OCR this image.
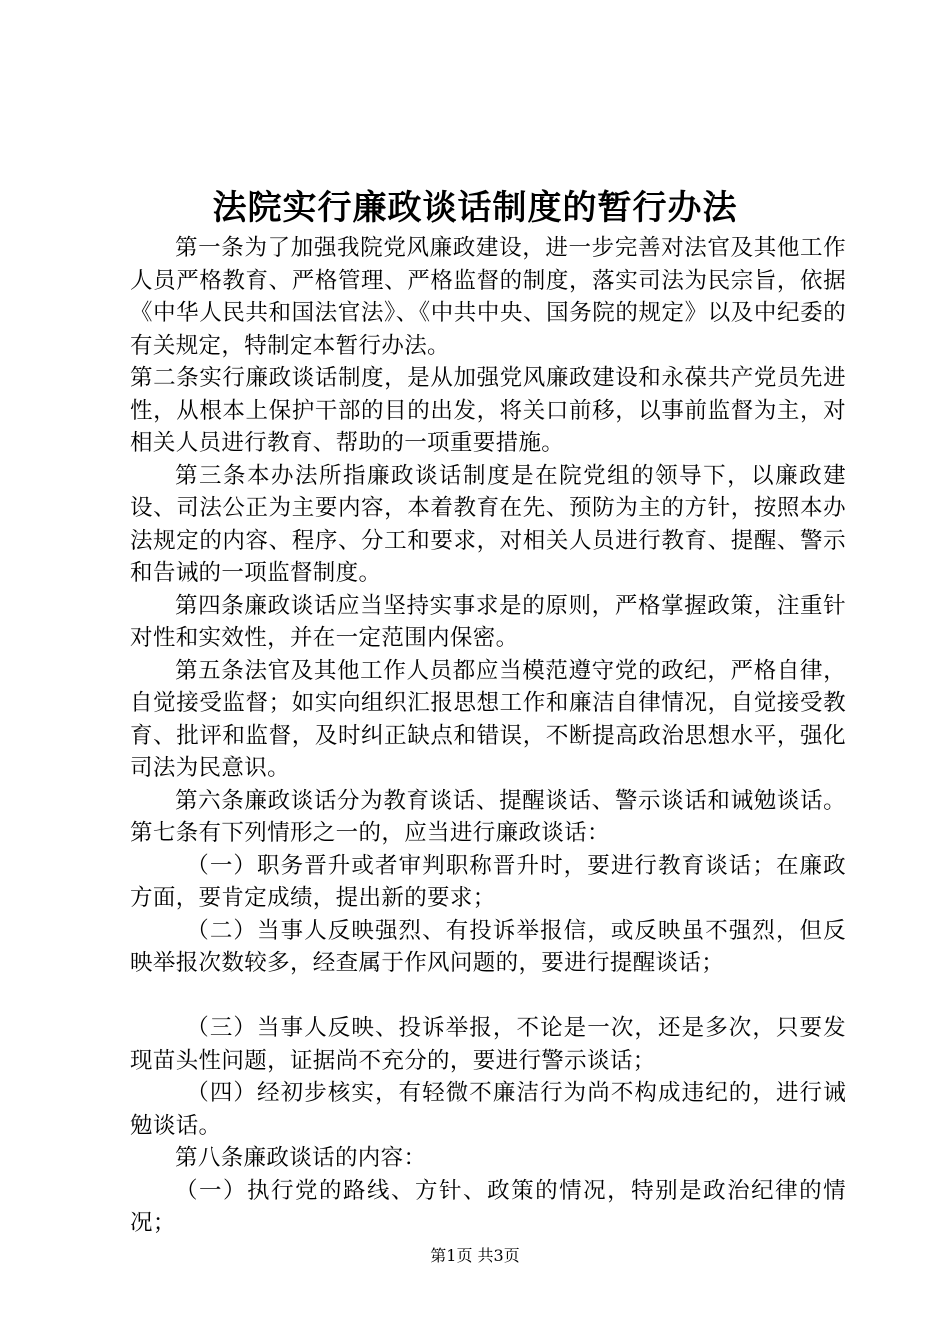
法院实行廉政谈话制度的暂行办法

第一条为了加强我院党风廉政建设，进一步完善对法官及其他工作人员严格教育、严格管理、严格监督的制度，落实司法为民宗旨，依据《中华人民共和国法官法》、《中共中央、国务院的规定》以及中纪委的有关规定，特制定本暂行办法。

第二条实行廉政谈话制度，是从加强党风廉政建设和永葆共产党员先进性，从根本上保护干部的目的出发，将关口前移，以事前监督为主，对相关人员进行教育、帮助的一项重要措施。

第三条本办法所指廉政谈话制度是在院党组的领导下，以廉政建设、司法公正为主要内容，本着教育在先、预防为主的方针，按照本办法规定的内容、程序、分工和要求，对相关人员进行教育、提醒、警示和告诫的一项监督制度。

第四条廉政谈话应当坚持实事求是的原则，严格掌握政策，注重针对性和实效性，并在一定范围内保密。

第五条法官及其他工作人员都应当模范遵守党的政纪，严格自律，自觉接受监督；如实向组织汇报思想工作和廉洁自律情况，自觉接受教育、批评和监督，及时纠正缺点和错误，不断提高政治思想水平，强化司法为民意识。

第六条廉政谈话分为教育谈话、提醒谈话、警示谈话和诫勉谈话。第七条有下列情形之一的，应当进行廉政谈话：

（一）职务晋升或者审判职称晋升时，要进行教育谈话；在廉政方面，要肯定成绩，提出新的要求；

（二）当事人反映强烈、有投诉举报信，或反映虽不强烈，但反映举报次数较多，经查属于作风问题的，要进行提醒谈话；

（三）当事人反映、投诉举报，不论是一次，还是多次，只要发现苗头性问题，证据尚不充分的，要进行警示谈话；

（四）经初步核实，有轻微不廉洁行为尚不构成违纪的，进行诫勉谈话。

第八条廉政谈话的内容：

（一）执行党的路线、方针、政策的情况，特别是政治纪律的情况；

第1页 共3页
